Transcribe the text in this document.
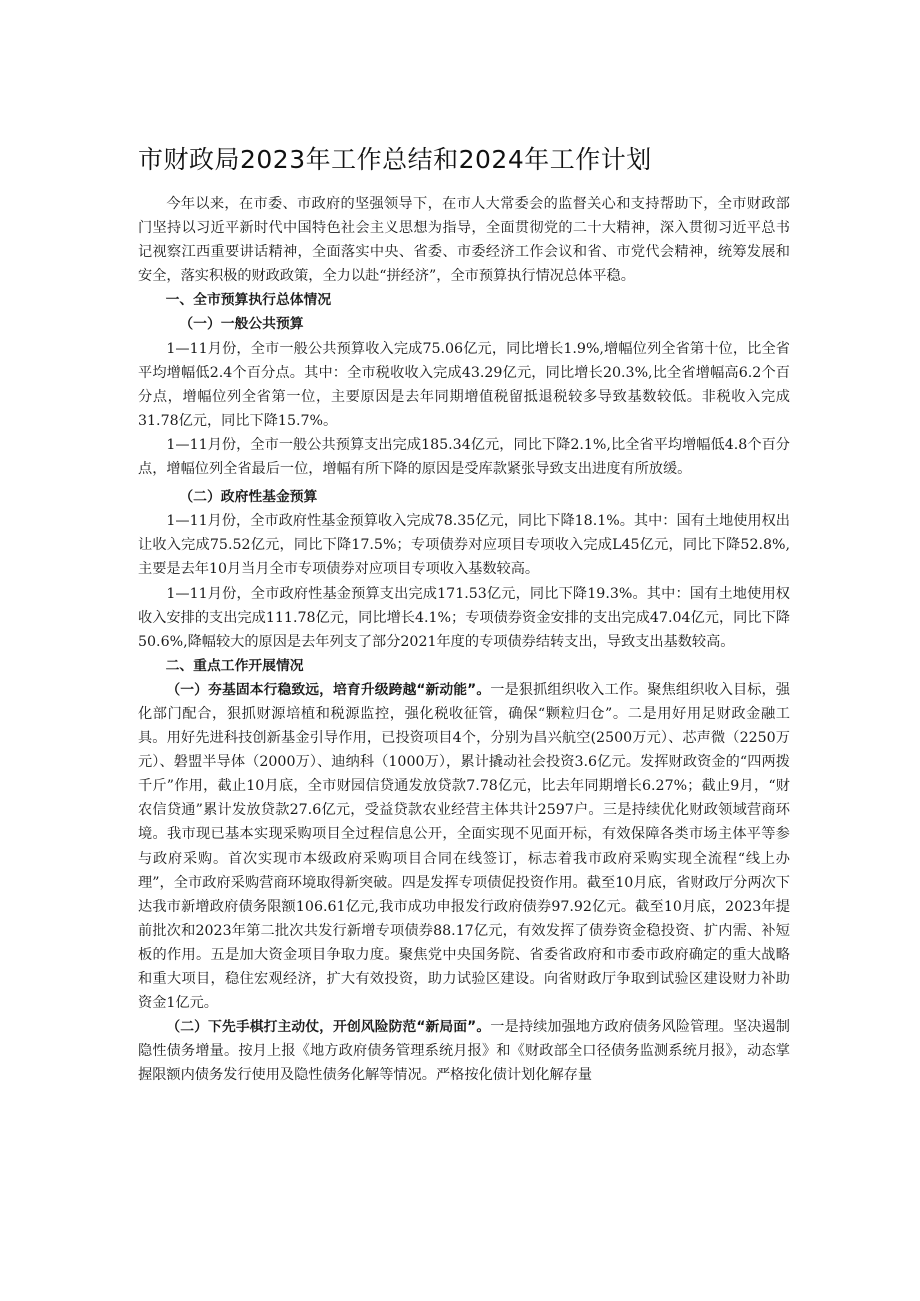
市财政局2023年工作总结和2024年工作计划

今年以来，在市委、市政府的坚强领导下，在市人大常委会的监督关心和支持帮助下，全市财政部门坚持以习近平新时代中国特色社会主义思想为指导，全面贯彻党的二十大精神，深入贯彻习近平总书记视察江西重要讲话精神，全面落实中央、省委、市委经济工作会议和省、市党代会精神，统筹发展和安全，落实积极的财政政策，全力以赴“拼经济”，全市预算执行情况总体平稳。

一、全市预算执行总体情况

（一）一般公共预算

1—11月份，全市一般公共预算收入完成75.06亿元，同比增长1.9%,增幅位列全省第十位，比全省平均增幅低2.4个百分点。其中：全市税收收入完成43.29亿元，同比增长20.3%,比全省增幅高6.2个百分点，增幅位列全省第一位，主要原因是去年同期增值税留抵退税较多导致基数较低。非税收入完成31.78亿元，同比下降15.7%。

1—11月份，全市一般公共预算支出完成185.34亿元，同比下降2.1%,比全省平均增幅低4.8个百分点，增幅位列全省最后一位，增幅有所下降的原因是受库款紧张导致支出进度有所放缓。

（二）政府性基金预算

1—11月份，全市政府性基金预算收入完成78.35亿元，同比下降18.1%。其中：国有土地使用权出让收入完成75.52亿元，同比下降17.5%；专项债券对应项目专项收入完成L45亿元，同比下降52.8%,主要是去年10月当月全市专项债券对应项目专项收入基数较高。

1—11月份，全市政府性基金预算支出完成171.53亿元，同比下降19.3%。其中：国有土地使用权收入安排的支出完成111.78亿元，同比增长4.1%；专项债券资金安排的支出完成47.04亿元，同比下降50.6%,降幅较大的原因是去年列支了部分2021年度的专项债券结转支出，导致支出基数较高。

二、重点工作开展情况

（一）夯基固本行稳致远，培育升级跨越“新动能”。一是狠抓组织收入工作。聚焦组织收入目标，强化部门配合，狠抓财源培植和税源监控，强化税收征管，确保“颗粒归仓”。二是用好用足财政金融工具。用好先进科技创新基金引导作用，已投资项目4个，分别为昌兴航空(2500万元）、芯声微（2250万元）、磐盟半导体（2000万）、迪纳科（1000万），累计撬动社会投资3.6亿元。发挥财政资金的“四两拨千斤”作用，截止10月底，全市财园信贷通发放贷款7.78亿元，比去年同期增长6.27%；截止9月，“财农信贷通”累计发放贷款27.6亿元，受益贷款农业经营主体共计2597户。三是持续优化财政领域营商环境。我市现已基本实现采购项目全过程信息公开，全面实现不见面开标，有效保障各类市场主体平等参与政府采购。首次实现市本级政府采购项目合同在线签订，标志着我市政府采购实现全流程“线上办理”，全市政府采购营商环境取得新突破。四是发挥专项债促投资作用。截至10月底，省财政厅分两次下达我市新增政府债务限额106.61亿元,我市成功申报发行政府债券97.92亿元。截至10月底，2023年提前批次和2023年第二批次共发行新增专项债券88.17亿元，有效发挥了债券资金稳投资、扩内需、补短板的作用。五是加大资金项目争取力度。聚焦党中央国务院、省委省政府和市委市政府确定的重大战略和重大项目，稳住宏观经济，扩大有效投资，助力试验区建设。向省财政厅争取到试验区建设财力补助资金1亿元。

（二）下先手棋打主动仗，开创风险防范“新局面”。一是持续加强地方政府债务风险管理。坚决遏制隐性债务增量。按月上报《地方政府债务管理系统月报》和《财政部全口径债务监测系统月报》，动态掌握限额内债务发行使用及隐性债务化解等情况。严格按化债计划化解存量
